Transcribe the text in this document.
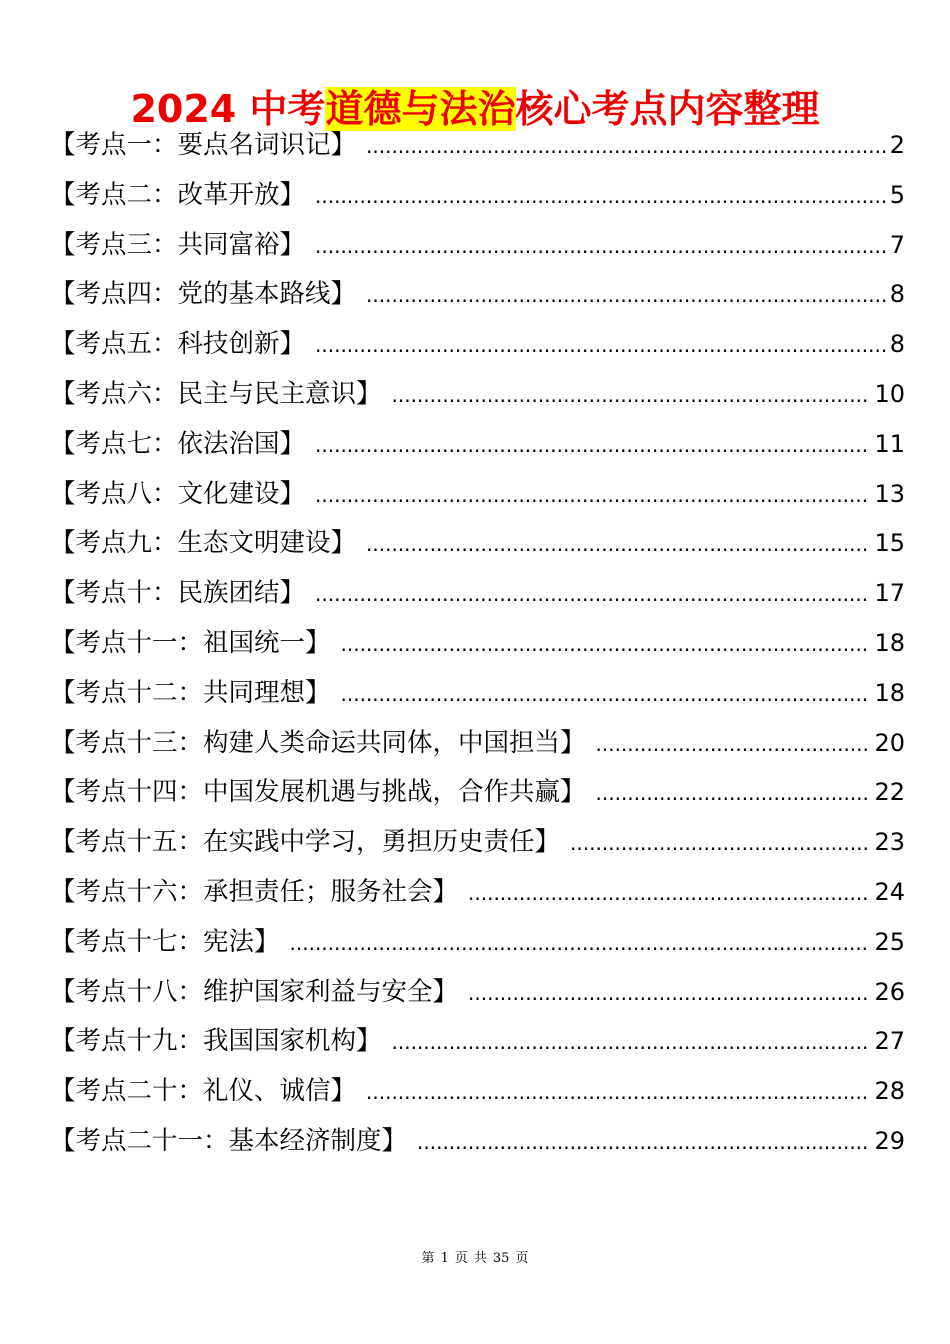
2024 中考道德与法治核心考点内容整理
【考点一：要点名词识记】 .....	2
【考点二：改革开放】 .....	5
【考点三：共同富裕】 .....	7
【考点四：党的基本路线】 .....	8
【考点五：科技创新】 .....	8
【考点六：民主与民主意识】 .....	10
【考点七：依法治国】 .....	11
【考点八：文化建设】 .....	13
【考点九：生态文明建设】 .....	15
【考点十：民族团结】 .....	17
【考点十一：祖国统一】 .....	18
【考点十二：共同理想】 .....	18
【考点十三：构建人类命运共同体，中国担当】 .....	20
【考点十四：中国发展机遇与挑战，合作共赢】 .....	22
【考点十五：在实践中学习，勇担历史责任】 .....	23
【考点十六：承担责任；服务社会】 .....	24
【考点十七：宪法】 .....	25
【考点十八：维护国家利益与安全】 .....	26
【考点十九：我国国家机构】 .....	27
【考点二十：礼仪、诚信】 .....	28
【考点二十一：基本经济制度】 .....	29
第 1 页 共 35 页
